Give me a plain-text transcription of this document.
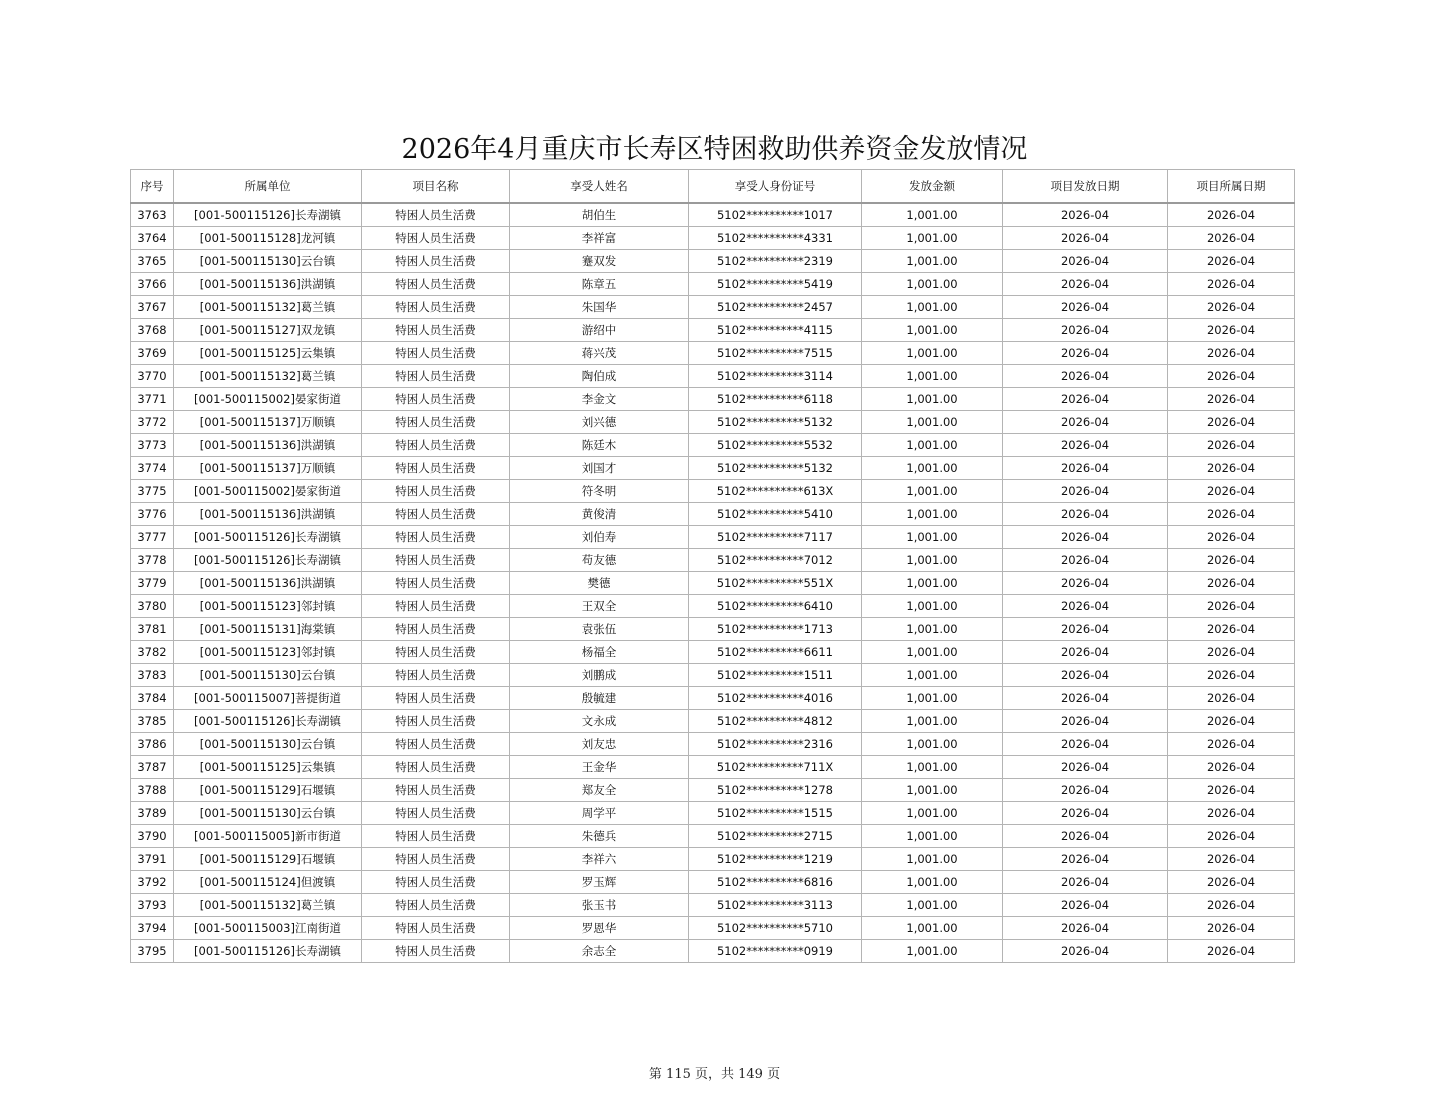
2026年4月重庆市长寿区特困救助供养资金发放情况
序号	所属单位	项目名称	享受人姓名	享受人身份证号	发放金额	项目发放日期	项目所属日期
3763	[001-500115126]长寿湖镇	特困人员生活费	胡伯生	5102**********1017	1,001.00	2026-04	2026-04
3764	[001-500115128]龙河镇	特困人员生活费	李祥富	5102**********4331	1,001.00	2026-04	2026-04
3765	[001-500115130]云台镇	特困人员生活费	蹇双发	5102**********2319	1,001.00	2026-04	2026-04
3766	[001-500115136]洪湖镇	特困人员生活费	陈章五	5102**********5419	1,001.00	2026-04	2026-04
3767	[001-500115132]葛兰镇	特困人员生活费	朱国华	5102**********2457	1,001.00	2026-04	2026-04
3768	[001-500115127]双龙镇	特困人员生活费	游绍中	5102**********4115	1,001.00	2026-04	2026-04
3769	[001-500115125]云集镇	特困人员生活费	蒋兴茂	5102**********7515	1,001.00	2026-04	2026-04
3770	[001-500115132]葛兰镇	特困人员生活费	陶伯成	5102**********3114	1,001.00	2026-04	2026-04
3771	[001-500115002]晏家街道	特困人员生活费	李金文	5102**********6118	1,001.00	2026-04	2026-04
3772	[001-500115137]万顺镇	特困人员生活费	刘兴德	5102**********5132	1,001.00	2026-04	2026-04
3773	[001-500115136]洪湖镇	特困人员生活费	陈廷木	5102**********5532	1,001.00	2026-04	2026-04
3774	[001-500115137]万顺镇	特困人员生活费	刘国才	5102**********5132	1,001.00	2026-04	2026-04
3775	[001-500115002]晏家街道	特困人员生活费	符冬明	5102**********613X	1,001.00	2026-04	2026-04
3776	[001-500115136]洪湖镇	特困人员生活费	黄俊清	5102**********5410	1,001.00	2026-04	2026-04
3777	[001-500115126]长寿湖镇	特困人员生活费	刘伯寿	5102**********7117	1,001.00	2026-04	2026-04
3778	[001-500115126]长寿湖镇	特困人员生活费	苟友德	5102**********7012	1,001.00	2026-04	2026-04
3779	[001-500115136]洪湖镇	特困人员生活费	樊德	5102**********551X	1,001.00	2026-04	2026-04
3780	[001-500115123]邻封镇	特困人员生活费	王双全	5102**********6410	1,001.00	2026-04	2026-04
3781	[001-500115131]海棠镇	特困人员生活费	袁张伍	5102**********1713	1,001.00	2026-04	2026-04
3782	[001-500115123]邻封镇	特困人员生活费	杨福全	5102**********6611	1,001.00	2026-04	2026-04
3783	[001-500115130]云台镇	特困人员生活费	刘鹏成	5102**********1511	1,001.00	2026-04	2026-04
3784	[001-500115007]菩提街道	特困人员生活费	殷毓建	5102**********4016	1,001.00	2026-04	2026-04
3785	[001-500115126]长寿湖镇	特困人员生活费	文永成	5102**********4812	1,001.00	2026-04	2026-04
3786	[001-500115130]云台镇	特困人员生活费	刘友忠	5102**********2316	1,001.00	2026-04	2026-04
3787	[001-500115125]云集镇	特困人员生活费	王金华	5102**********711X	1,001.00	2026-04	2026-04
3788	[001-500115129]石堰镇	特困人员生活费	郑友全	5102**********1278	1,001.00	2026-04	2026-04
3789	[001-500115130]云台镇	特困人员生活费	周学平	5102**********1515	1,001.00	2026-04	2026-04
3790	[001-500115005]新市街道	特困人员生活费	朱德兵	5102**********2715	1,001.00	2026-04	2026-04
3791	[001-500115129]石堰镇	特困人员生活费	李祥六	5102**********1219	1,001.00	2026-04	2026-04
3792	[001-500115124]但渡镇	特困人员生活费	罗玉辉	5102**********6816	1,001.00	2026-04	2026-04
3793	[001-500115132]葛兰镇	特困人员生活费	张玉书	5102**********3113	1,001.00	2026-04	2026-04
3794	[001-500115003]江南街道	特困人员生活费	罗恩华	5102**********5710	1,001.00	2026-04	2026-04
3795	[001-500115126]长寿湖镇	特困人员生活费	余志全	5102**********0919	1,001.00	2026-04	2026-04
第 115 页，共 149 页
